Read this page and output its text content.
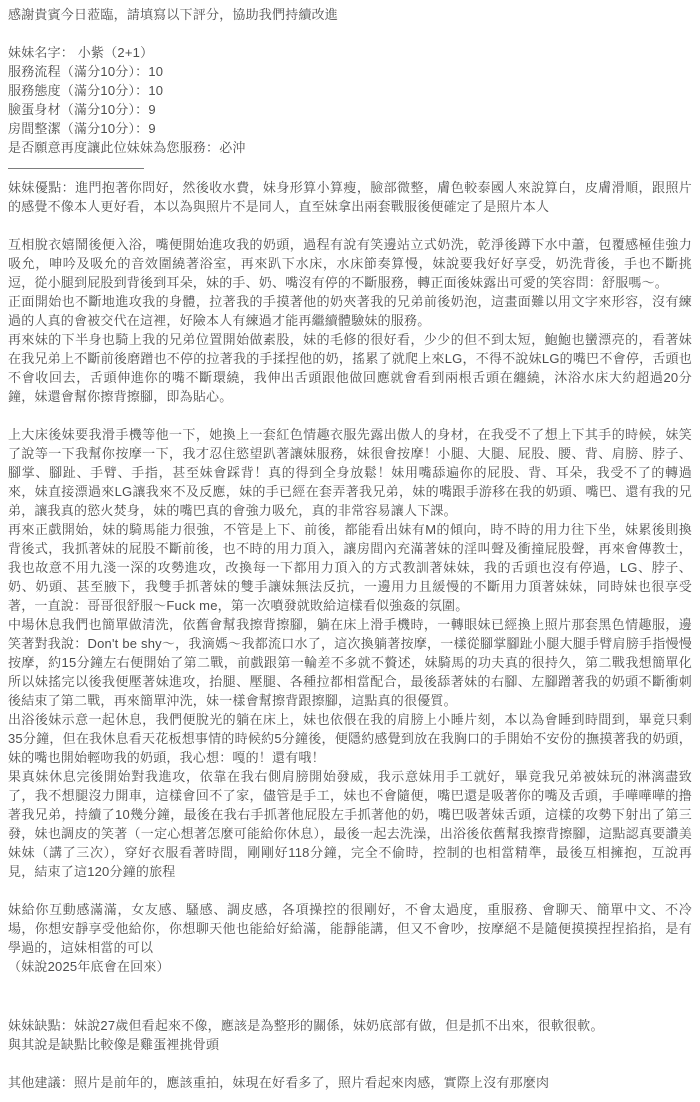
感謝貴賓今日蒞臨，請填寫以下評分，協助我們持續改進

妹妹名字： 小紫（2+1）

服務流程（滿分10分）：10

服務態度（滿分10分）：10

臉蛋身材（滿分10分）：9

房間整潔（滿分10分）：9

是否願意再度讓此位妹妹為您服務：必沖

妹妹優點：進門抱著你問好，然後收水費，妹身形算小算瘦，臉部微整，膚色較泰國人來說算白，皮膚滑順，跟照片的感覺不像本人更好看，本以為與照片不是同人，直至妹拿出兩套戰服後便確定了是照片本人

互相脫衣嬉鬧後便入浴，嘴便開始進攻我的奶頭，過程有說有笑邊站立式奶洗，乾淨後蹲下水中蕭，包覆感極佳強力吸允，呻吟及吸允的音效圍繞著浴室，再來趴下水床，水床節奏算慢，妹說要我好好享受，奶洗背後，手也不斷挑逗，從小腿到屁股到背後到耳朵，妹的手、奶、嘴沒有停的不斷服務，轉正面後妹露出可愛的笑容問：舒服嗎～。

正面開始也不斷地進攻我的身體，拉著我的手摸著他的奶夾著我的兄弟前後奶泡，這畫面難以用文字來形容，沒有練過的人真的會被交代在這裡，好險本人有練過才能再繼續體驗妹的服務。

再來妹的下半身也騎上我的兄弟位置開始做素股，妹的毛修的很好看，少少的但不到太短，鮑鮑也蠻漂亮的，看著妹在我兄弟上不斷前後磨蹭也不停的拉著我的手揉捏他的奶，搖累了就爬上來LG，不得不說妹LG的嘴巴不會停，舌頭也不會收回去，舌頭伸進你的嘴不斷環繞，我伸出舌頭跟他做回應就會看到兩根舌頭在纏繞，沐浴水床大約超過20分鐘，妹還會幫你擦背擦腳，即為貼心。

上大床後妹要我滑手機等他一下，她換上一套紅色情趣衣服先露出傲人的身材，在我受不了想上下其手的時候，妹笑了說等一下我幫你按摩一下，我才忍住慾望趴著讓妹服務，妹很會按摩！小腿、大腿、屁股、腰、背、肩膀、脖子、腳掌、腳趾、手臂、手指，甚至妹會踩背！真的得到全身放鬆！妹用嘴舔遍你的屁股、背、耳朵，我受不了的轉過來，妹直接漂過來LG讓我來不及反應，妹的手已經在套弄著我兄弟，妹的嘴跟手游移在我的奶頭、嘴巴、還有我的兄弟，讓我真的慾火焚身，妹的嘴巴真的會強力吸允，真的非常容易讓人下課。

再來正戲開始，妹的騎馬能力很強，不管是上下、前後，都能看出妹有M的傾向，時不時的用力往下坐，妹累後則換背後式，我抓著妹的屁股不斷前後，也不時的用力頂入，讓房間內充滿著妹的淫叫聲及衝撞屁股聲，再來會傳教士，我也故意不用九淺一深的攻勢進攻，改換每一下都用力頂入的方式教訓著妹妹，我的舌頭也沒有停過，LG、脖子、奶、奶頭、甚至腋下，我雙手抓著妹的雙手讓妹無法反抗，一邊用力且緩慢的不斷用力頂著妹妹，同時妹也很享受著，一直說：哥哥很舒服～Fuck me，第一次噴發就敗給這樣看似強姦的氛圍。

中場休息我們也簡單做清洗，依舊會幫我擦背擦腳，躺在床上滑手機時，一轉眼妹已經換上照片那套黑色情趣服，邊笑著對我說：Don't be shy～，我滴媽～我都流口水了，這次換躺著按摩，一樣從腳掌腳趾小腿大腿手臂肩膀手指慢慢按摩，約15分鐘左右便開始了第二戰，前戲跟第一輪差不多就不贅述，妹騎馬的功夫真的很持久，第二戰我想簡單化所以妹搖完以後我便壓著妹進攻，抬腿、壓腿、各種拉都相當配合，最後舔著妹的右腳、左腳蹭著我的奶頭不斷衝刺後結束了第二戰，再來簡單沖洗，妹一樣會幫擦背跟擦腳，這點真的很優質。

出浴後妹示意一起休息，我們便脫光的躺在床上，妹也依偎在我的肩膀上小睡片刻，本以為會睡到時間到，畢竟只剩35分鐘，但在我休息看天花板想事情的時候約5分鐘後，便隱約感覺到放在我胸口的手開始不安份的撫摸著我的奶頭，妹的嘴也開始輕吻我的奶頭，我心想：嘎的！還有哦！

果真妹休息完後開始對我進攻，依靠在我右側肩膀開始發威，我示意妹用手工就好，畢竟我兄弟被妹玩的淋漓盡致了，我不想腿沒力開車，這樣會回不了家，儘管是手工，妹也不會隨便，嘴巴還是吸著你的嘴及舌頭，手嘩嘩嘩的撸著我兄弟，持續了10幾分鐘，最後在我右手抓著他屁股左手抓著他的奶，嘴巴吸著妹舌頭，這樣的攻勢下射出了第三發，妹也調皮的笑著（一定心想著怎麼可能給你休息），最後一起去洗澡，出浴後依舊幫我擦背擦腳，這點認真要讚美妹妹（講了三次），穿好衣服看著時間，剛剛好118分鐘，完全不偷時，控制的也相當精準，最後互相擁抱，互說再見，結束了這120分鐘的旅程

妹給你互動感滿滿，女友感、騷感、調皮感，各項操控的很剛好，不會太過度，重服務、會聊天、簡單中文、不冷場，你想安靜享受他給你，你想聊天他也能給好給滿，能靜能講，但又不會吵，按摩絕不是隨便摸摸捏捏掐掐，是有學過的，這妹相當的可以

（妹說2025年底會在回來）

妹妹缺點：妹說27歲但看起來不像，應該是為整形的關係，妹奶底部有做，但是抓不出來，很軟很軟。

與其說是缺點比較像是雞蛋裡挑骨頭

其他建議：照片是前年的，應該重拍，妹現在好看多了，照片看起來肉感，實際上沒有那麼肉
